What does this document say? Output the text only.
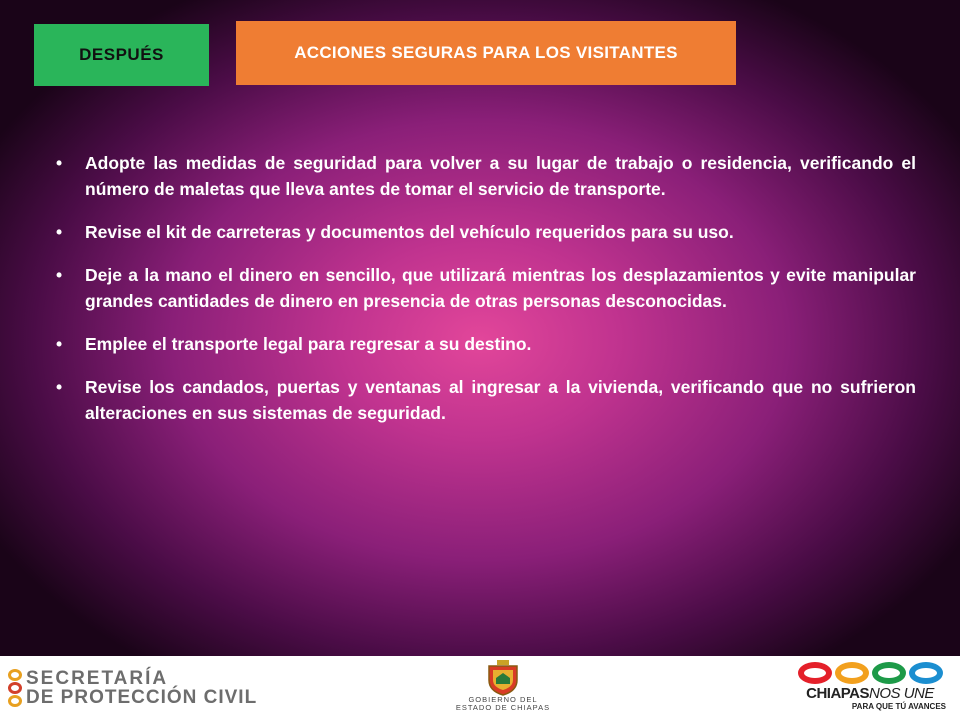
DESPUÉS	ACCIONES SEGURAS PARA LOS VISITANTES
•	Adopte las medidas de seguridad para volver a su lugar de trabajo o residencia, verificando el número de maletas que lleva antes de tomar el servicio de transporte.
•	Revise el kit de carreteras y documentos del vehículo requeridos para su uso.
•	Deje a la mano el dinero en sencillo, que utilizará mientras los desplazamientos y evite manipular grandes cantidades de dinero en presencia de otras personas desconocidas.
•	Emplee el transporte legal para regresar a su destino.
•	Revise los candados, puertas y ventanas al ingresar a la vivienda, verificando que no sufrieron alteraciones en sus sistemas de seguridad.
SECRETARÍA
DE PROTECCIÓN CIVIL	GOBIERNO DEL
ESTADO DE CHIAPAS
CHIAPASNOS UNE
PARA QUE TÚ AVANCES
